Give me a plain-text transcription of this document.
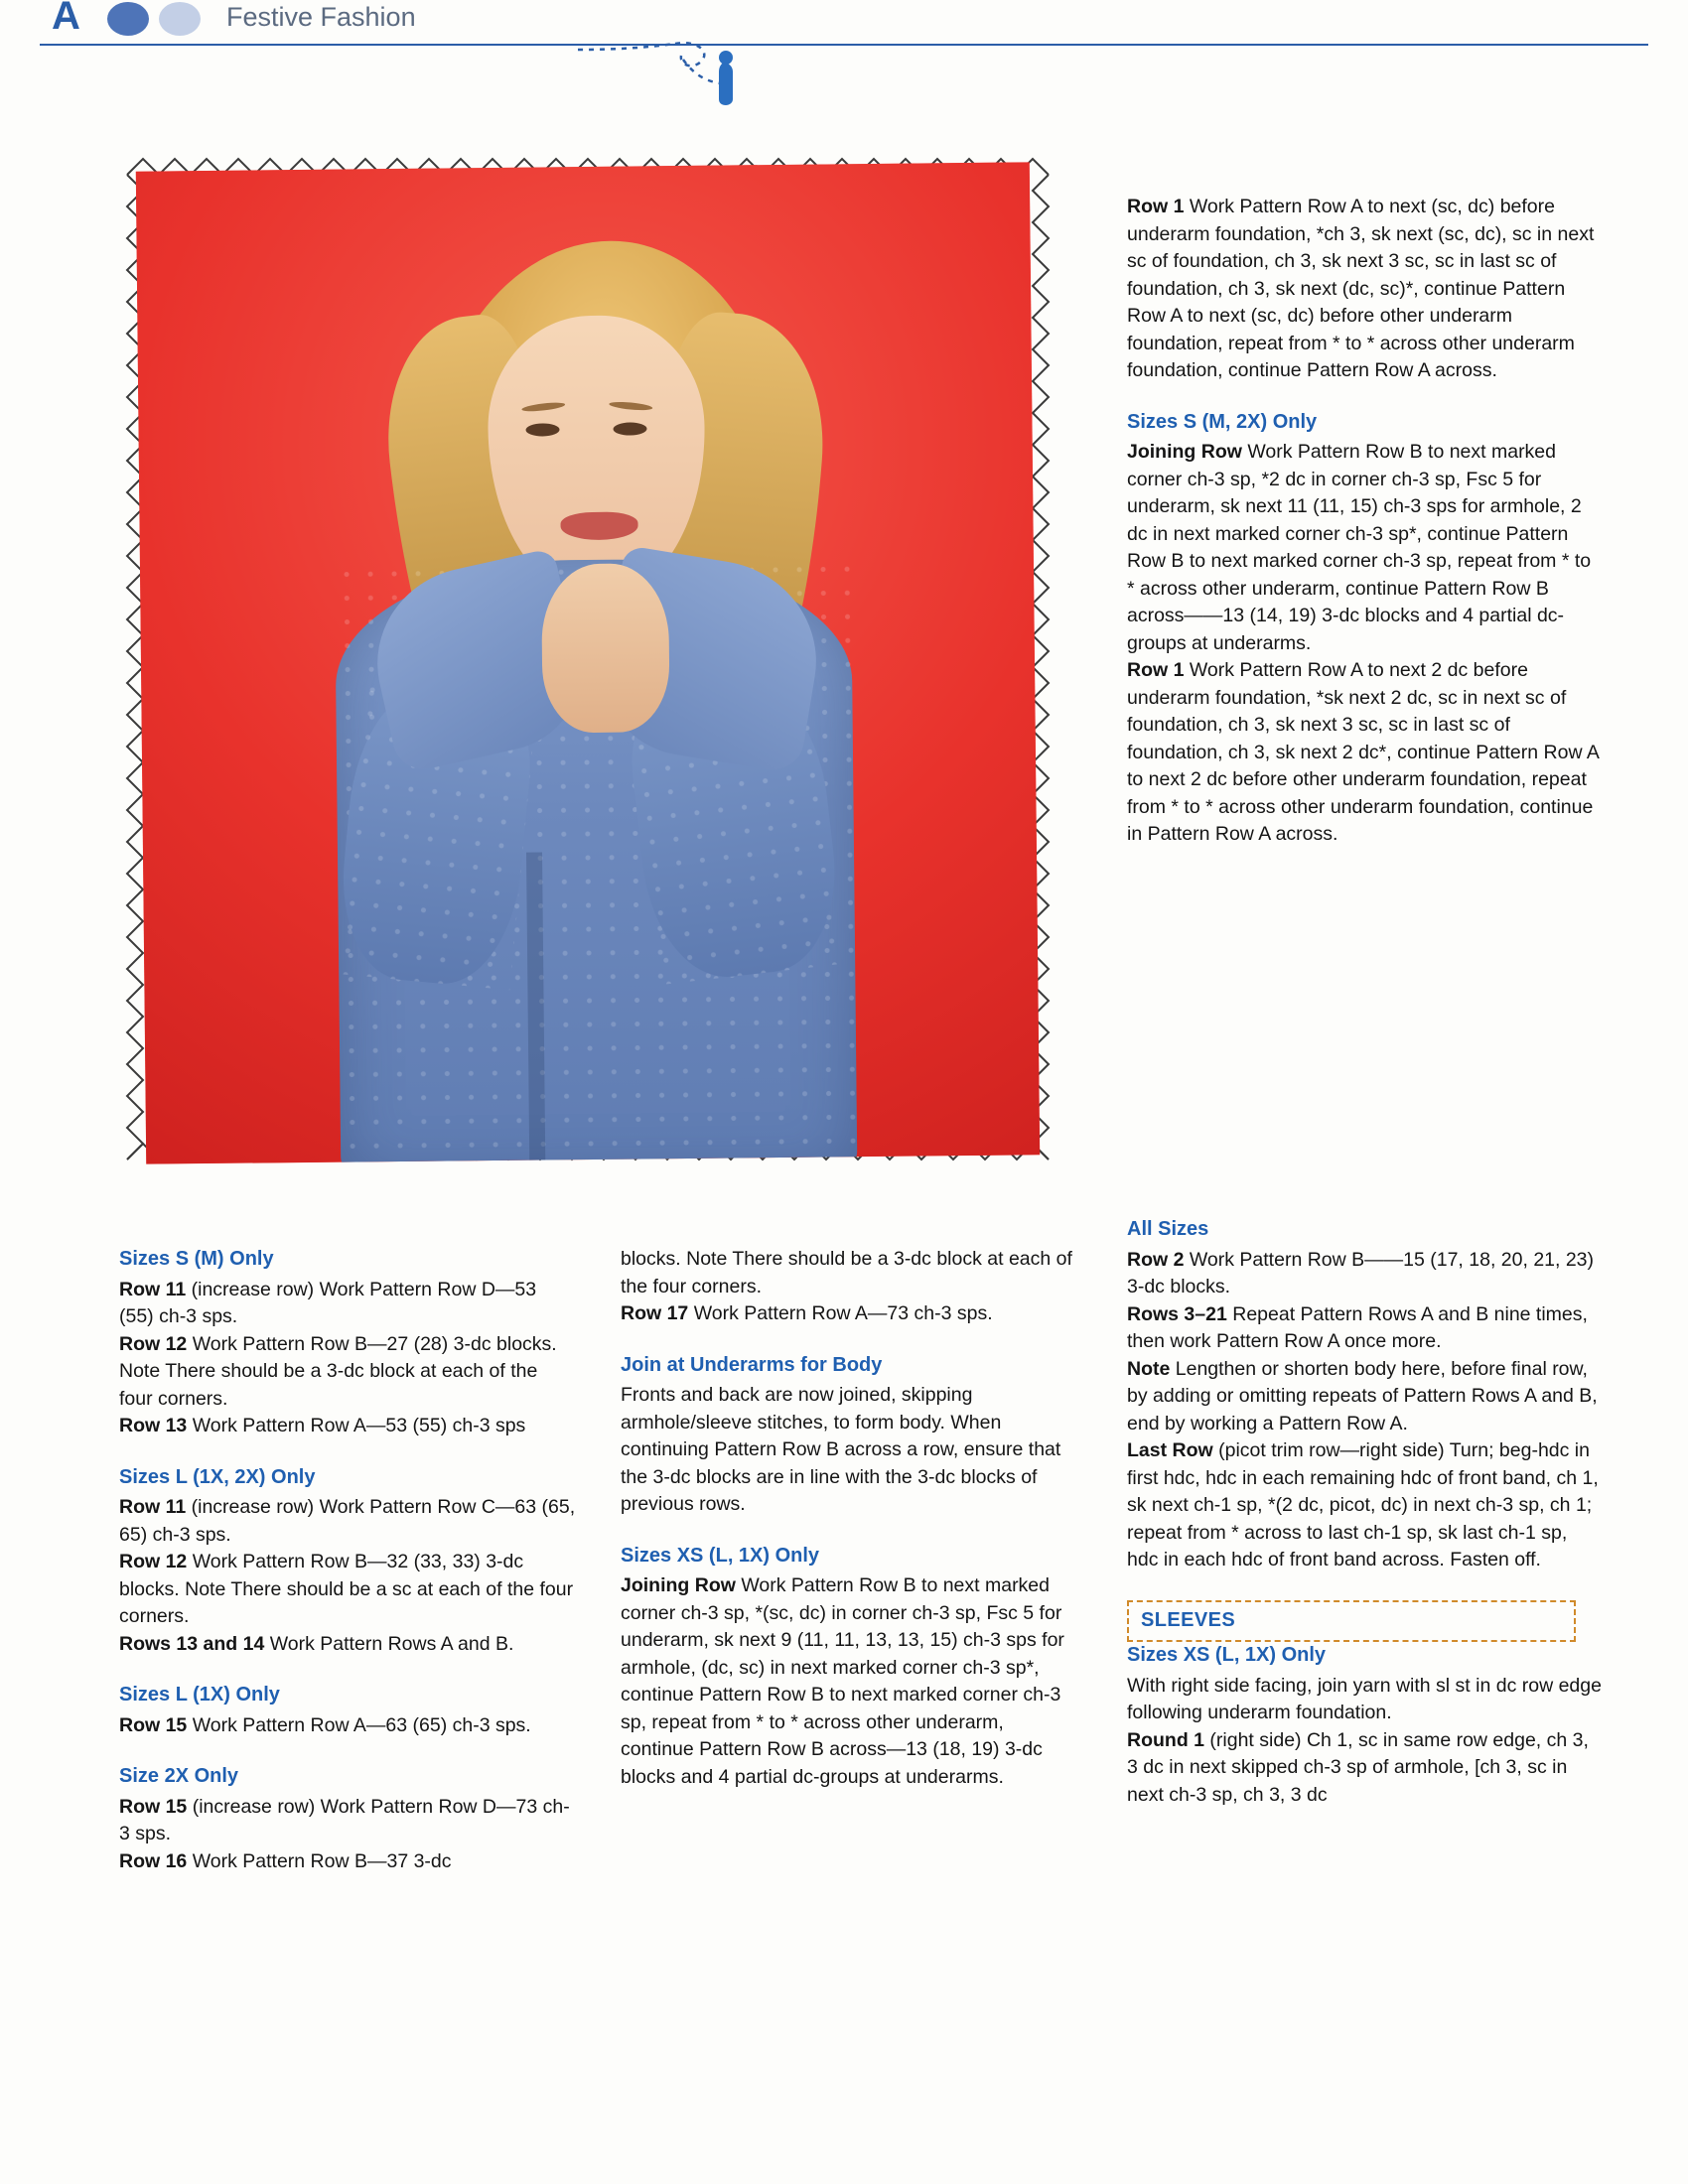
A	Festive Fashion

Row 1 Work Pattern Row A to next (sc, dc) before underarm foundation, *ch 3, sk next (sc, dc), sc in next sc of foundation, ch 3, sk next 3 sc, sc in last sc of foundation, ch 3, sk next (dc, sc)*, continue Pattern Row A to next (sc, dc) before other underarm foundation, repeat from * to * across other underarm foundation, continue Pattern Row A across.

Sizes S (M, 2X) Only

Joining Row Work Pattern Row B to next marked corner ch-3 sp, *2 dc in corner ch-3 sp, Fsc 5 for underarm, sk next 11 (11, 15) ch-3 sps for armhole, 2 dc in next marked corner ch-3 sp*, continue Pattern Row B to next marked corner ch-3 sp, repeat from * to * across other underarm, continue Pattern Row B across——13 (14, 19) 3-dc blocks and 4 partial dc-groups at underarms.

Row 1 Work Pattern Row A to next 2 dc before underarm foundation, *sk next 2 dc, sc in next sc of foundation, ch 3, sk next 3 sc, sc in last sc of foundation, ch 3, sk next 2 dc*, continue Pattern Row A to next 2 dc before other underarm foundation, repeat from * to * across other underarm foundation, continue in Pattern Row A across.

Sizes S (M) Only

Row 11 (increase row) Work Pattern Row D—53 (55) ch-3 sps.

Row 12 Work Pattern Row B—27 (28) 3-dc blocks. Note There should be a 3-dc block at each of the four corners.

Row 13 Work Pattern Row A—53 (55) ch-3 sps

Sizes L (1X, 2X) Only

Row 11 (increase row) Work Pattern Row C—63 (65, 65) ch-3 sps.

Row 12 Work Pattern Row B—32 (33, 33) 3-dc blocks. Note There should be a sc at each of the four corners.

Rows 13 and 14 Work Pattern Rows A and B.

Sizes L (1X) Only

Row 15 Work Pattern Row A—63 (65) ch-3 sps.

Size 2X Only

Row 15 (increase row) Work Pattern Row D—73 ch-3 sps.

Row 16 Work Pattern Row B—37 3-dc

blocks. Note There should be a 3-dc block at each of the four corners.

Row 17 Work Pattern Row A—73 ch-3 sps.

Join at Underarms for Body

Fronts and back are now joined, skipping armhole/sleeve stitches, to form body. When continuing Pattern Row B across a row, ensure that the 3-dc blocks are in line with the 3-dc blocks of previous rows.

Sizes XS (L, 1X) Only

Joining Row Work Pattern Row B to next marked corner ch-3 sp, *(sc, dc) in corner ch-3 sp, Fsc 5 for underarm, sk next 9 (11, 11, 13, 13, 15) ch-3 sps for armhole, (dc, sc) in next marked corner ch-3 sp*, continue Pattern Row B to next marked corner ch-3 sp, repeat from * to * across other underarm, continue Pattern Row B across—13 (18, 19) 3-dc blocks and 4 partial dc-groups at underarms.

All Sizes

Row 2 Work Pattern Row B——15 (17, 18, 20, 21, 23) 3-dc blocks.

Rows 3–21 Repeat Pattern Rows A and B nine times, then work Pattern Row A once more.

Note Lengthen or shorten body here, before final row, by adding or omitting repeats of Pattern Rows A and B, end by working a Pattern Row A.

Last Row (picot trim row—right side) Turn; beg-hdc in first hdc, hdc in each remaining hdc of front band, ch 1, sk next ch-1 sp, *(2 dc, picot, dc) in next ch-3 sp, ch 1; repeat from * across to last ch-1 sp, sk last ch-1 sp, hdc in each hdc of front band across. Fasten off.

SLEEVES
Sizes XS (L, 1X) Only

With right side facing, join yarn with sl st in dc row edge following underarm foundation.

Round 1 (right side) Ch 1, sc in same row edge, ch 3, 3 dc in next skipped ch-3 sp of armhole, [ch 3, sc in next ch-3 sp, ch 3, 3 dc
